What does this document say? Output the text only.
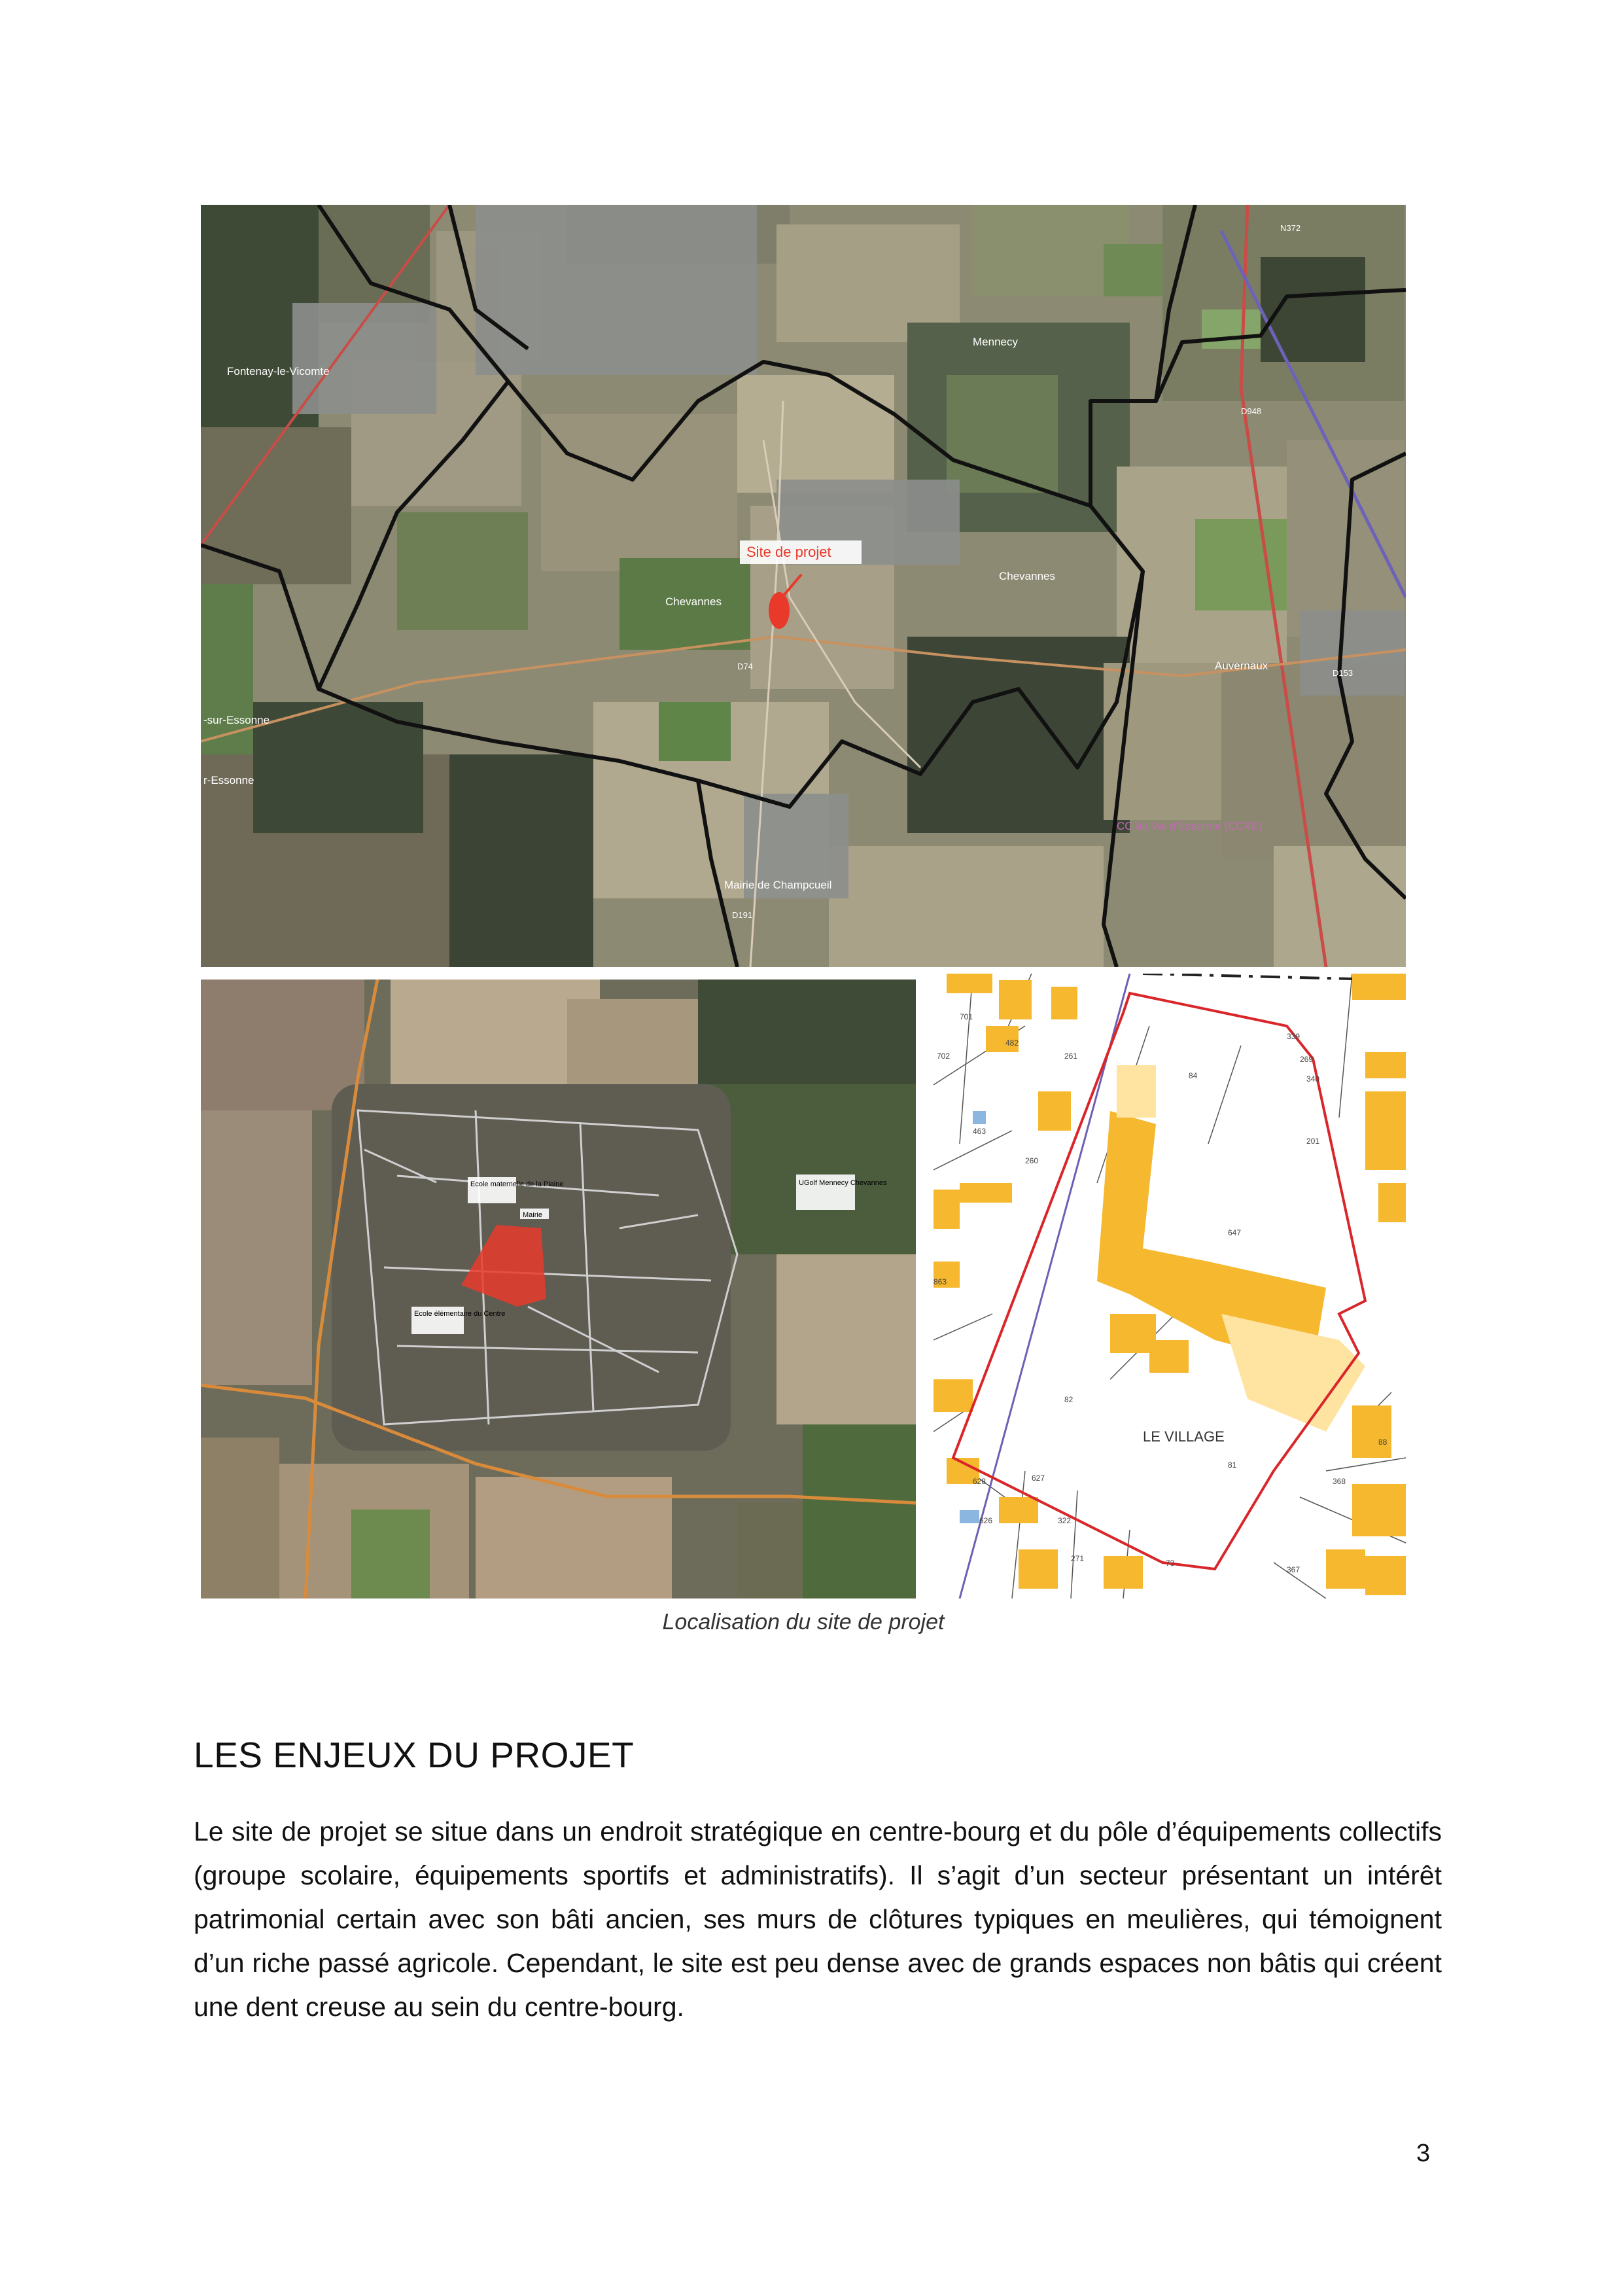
Fontenay-le-Vicomte
Mennecy
Site de projet
Chevannes
Chevannes
Auvernaux
-sur-Essonne
r-Essonne
CC du Val d'Essonne (CCVE)
Mairie de Champcueil
N372
D74
D948
D191
D153
Ecole maternelle de la Plaine
Mairie
UGolf Mennecy Chevannes
Ecole élémentaire du Centre
701
702
482
261
463
260
84
339
269
340
201
647
863
82
81
88
628	627
626	322
271	73
368
367
LE VILLAGE
Localisation du site de projet
LES ENJEUX DU PROJET

Le site de projet se situe dans un endroit stratégique en centre-bourg et du pôle d’équipements collectifs (groupe scolaire, équipements sportifs et administratifs). Il s’agit d’un secteur présentant un intérêt patrimonial certain avec son bâti ancien, ses murs de clôtures typiques en meulières, qui témoignent d’un riche passé agricole. Cependant, le site est peu dense avec de grands espaces non bâtis qui créent une dent creuse au sein du centre-bourg.

3
